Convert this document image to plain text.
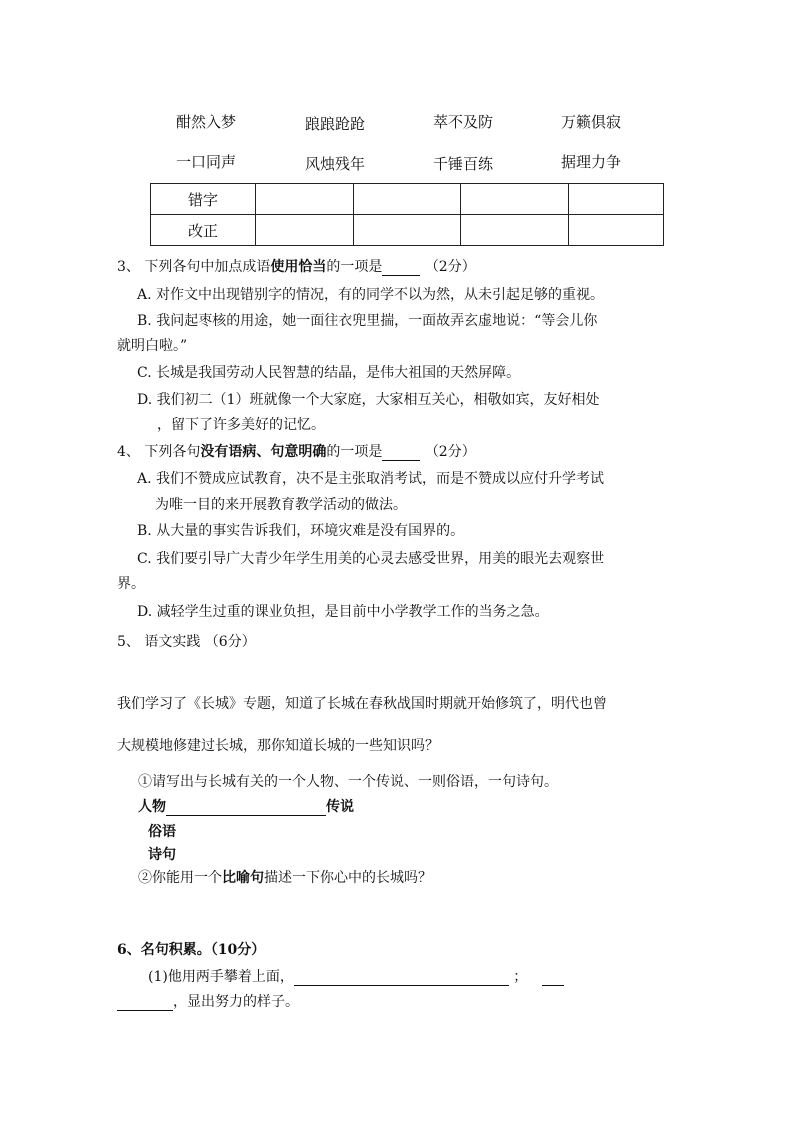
酣然入梦	踉踉跄跄	萃不及防	万籁俱寂
一口同声	风烛残年	千锤百练	据理力争
错字				
改正				
3、 下列各句中加点成语使用恰当的一项是	（2分）
A. 对作文中出现错别字的情况，有的同学不以为然，从未引起足够的重视。
B. 我问起枣核的用途，她一面往衣兜里揣，一面故弄玄虚地说：“等会儿你
就明白啦。”
C. 长城是我国劳动人民智慧的结晶，是伟大祖国的天然屏障。
D. 我们初二（1）班就像一个大家庭，大家相互关心，相敬如宾，友好相处
，留下了许多美好的记忆。
4、 下列各句没有语病、句意明确的一项是	（2分）
A. 我们不赞成应试教育，决不是主张取消考试，而是不赞成以应付升学考试
为唯一目的来开展教育教学活动的做法。
B. 从大量的事实告诉我们，环境灾难是没有国界的。
C. 我们要引导广大青少年学生用美的心灵去感受世界，用美的眼光去观察世
界。
D. 减轻学生过重的课业负担，是目前中小学教学工作的当务之急。
5、 语文实践 （6分）
我们学习了《长城》专题，知道了长城在春秋战国时期就开始修筑了，明代也曾
大规模地修建过长城，那你知道长城的一些知识吗？
①请写出与长城有关的一个人物、一个传说、一则俗语，一句诗句。
人物	传说
俗语
诗句
②你能用一个比喻句描述一下你心中的长城吗？
6、名句积累。（10分）
(1)他用两手攀着上面，	；
，显出努力的样子。
